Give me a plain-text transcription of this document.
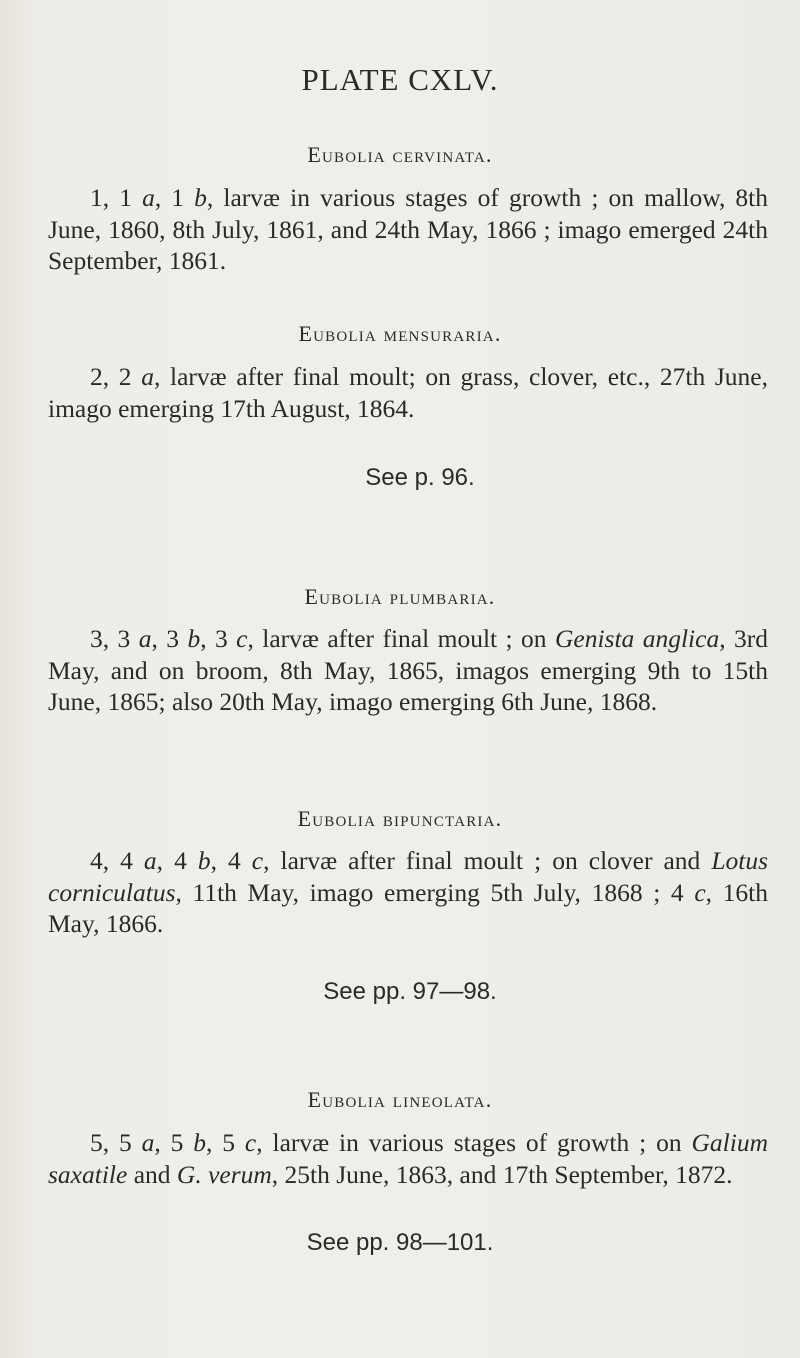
PLATE CXLV.
Eubolia cervinata.
1, 1 a, 1 b, larvæ in various stages of growth ; on mallow, 8th June, 1860, 8th July, 1861, and 24th May, 1866 ; imago emerged 24th September, 1861.
Eubolia mensuraria.
2, 2 a, larvæ after final moult; on grass, clover, etc., 27th June, imago emerging 17th August, 1864.
See p. 96.
Eubolia plumbaria.
3, 3 a, 3 b, 3 c, larvæ after final moult ; on Genista anglica, 3rd May, and on broom, 8th May, 1865, imagos emerging 9th to 15th June, 1865; also 20th May, imago emerging 6th June, 1868.
Eubolia bipunctaria.
4, 4 a, 4 b, 4 c, larvæ after final moult ; on clover and Lotus corniculatus, 11th May, imago emerging 5th July, 1868 ; 4 c, 16th May, 1866.
See pp. 97—98.
Eubolia lineolata.
5, 5 a, 5 b, 5 c, larvæ in various stages of growth ; on Galium saxatile and G. verum, 25th June, 1863, and 17th September, 1872.
See pp. 98—101.
